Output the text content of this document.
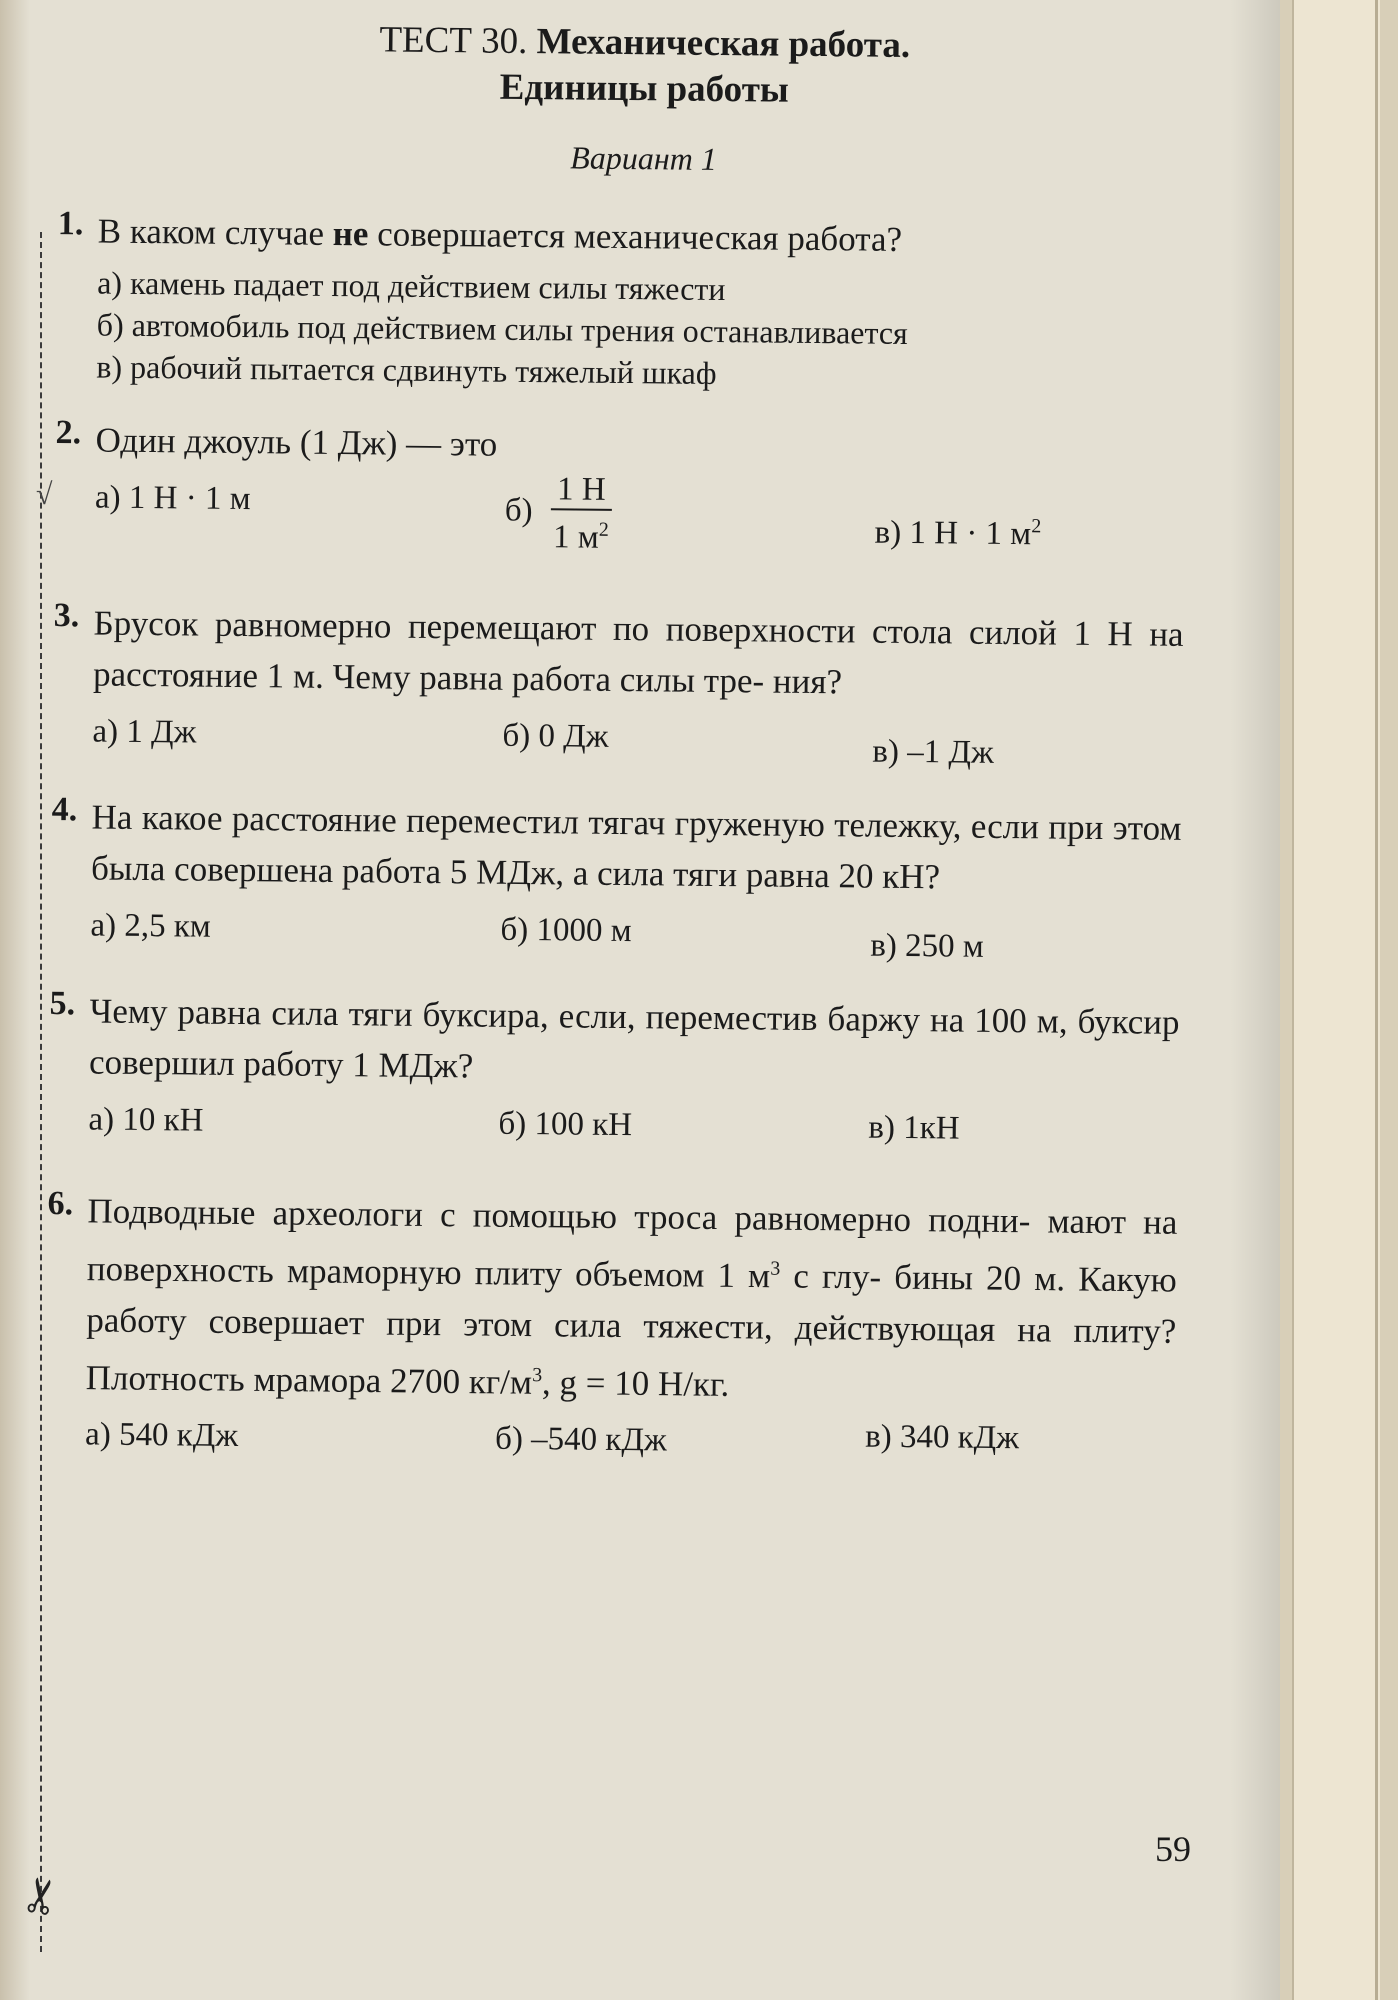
√
✂
ТЕСТ 30. Механическая работа.
Единицы работы
Вариант 1
1. В каком случае не совершается механическая работа?
а) камень падает под действием силы тяжести
б) автомобиль под действием силы трения останавливается
в) рабочий пытается сдвинуть тяжелый шкаф
2. Один джоуль (1 Дж) — это
а) 1 Н · 1 м	$б) \frac{1 Н}{1 м^2}$	в) 1 Н · 1 $м^2$
3. Брусок равномерно перемещают по поверхности стола силой 1 Н на расстояние 1 м. Чему равна работа силы тре- ния?
а) 1 Дж	б) 0 Дж	в) –1 Дж
4. На какое расстояние переместил тягач груженую тележку, если при этом была совершена работа 5 МДж, а сила тяги равна 20 кН?
а) 2,5 км	б) 1000 м	в) 250 м
5. Чему равна сила тяги буксира, если, переместив баржу на 100 м, буксир совершил работу 1 МДж?
а) 10 кН	б) 100 кН	в) 1кН
6. Подводные археологи с помощью троса равномерно подни- мают на поверхность мраморную плиту объемом 1 $м^3$ с глу- бины 20 м. Какую работу совершает при этом сила тяжести, действующая на плиту? Плотность мрамора 2700 $кг/м^3$, g = 10 Н/кг.
а) 540 кДж	б) –540 кДж	в) 340 кДж
59
